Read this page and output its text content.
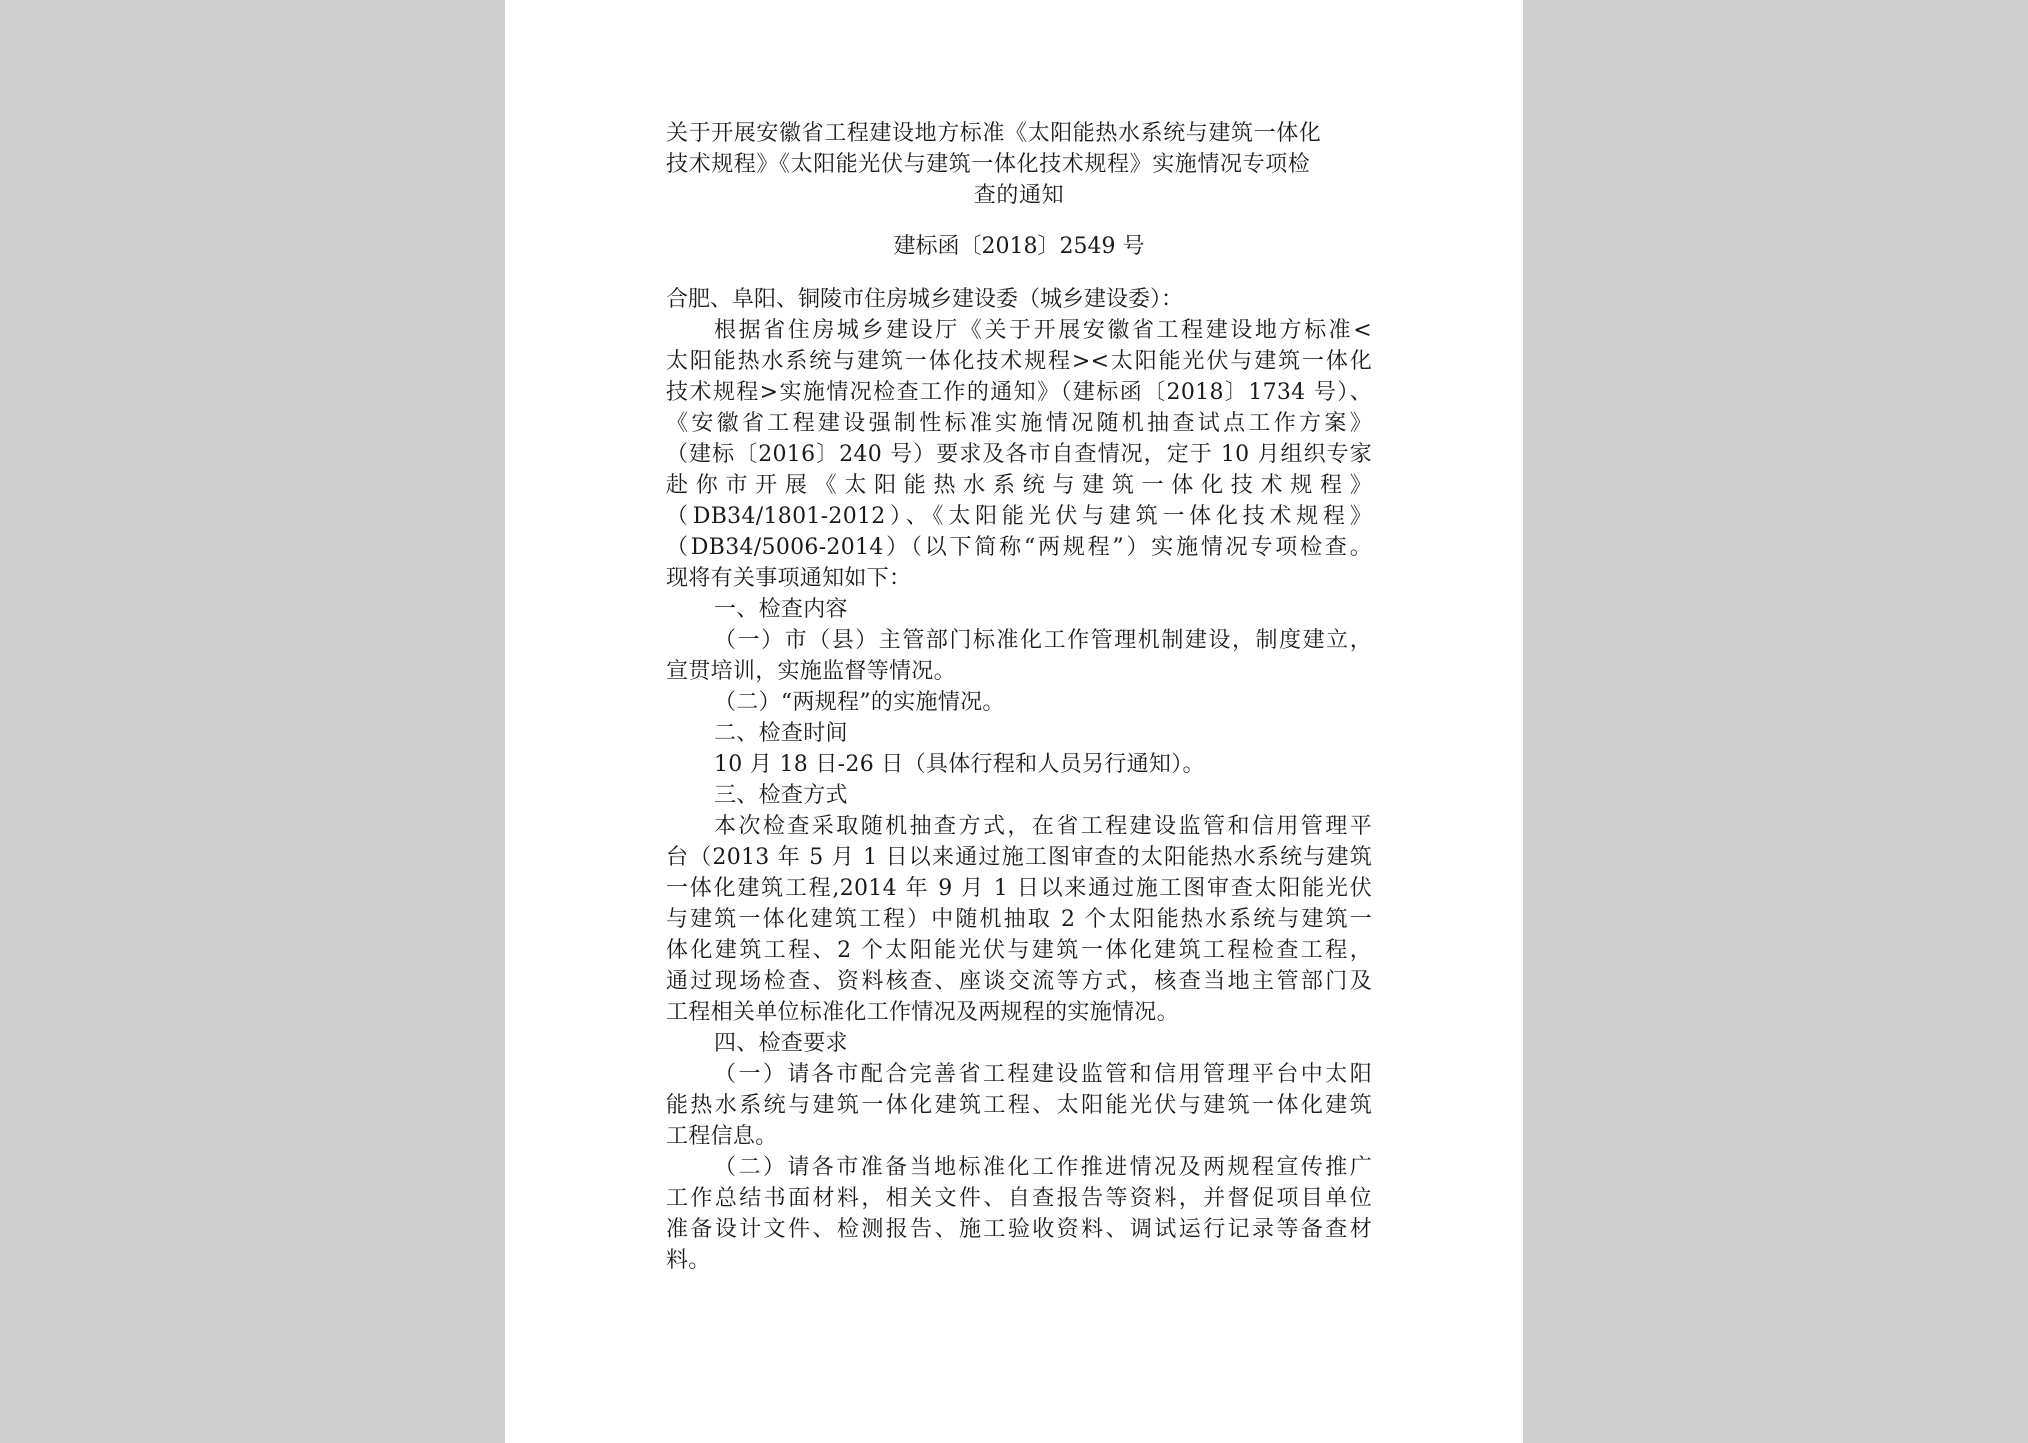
关于开展安徽省工程建设地方标准《太阳能热水系统与建筑一体化
技术规程》《太阳能光伏与建筑一体化技术规程》实施情况专项检
查的通知
建标函〔2018〕2549 号

合肥、阜阳、铜陵市住房城乡建设委（城乡建设委）：

根据省住房城乡建设厅《关于开展安徽省工程建设地方标准<
太阳能热水系统与建筑一体化技术规程><太阳能光伏与建筑一体化
技术规程>实施情况检查工作的通知》（建标函〔2018〕1734 号）、
《安徽省工程建设强制性标准实施情况随机抽查试点工作方案》
（建标〔2016〕240 号）要求及各市自查情况，定于 10 月组织专家
赴你市开展《太阳能热水系统与建筑一体化技术规程》
（DB34/1801-2012）、《太阳能光伏与建筑一体化技术规程》
（DB34/5006-2014）（以下简称“两规程”）实施情况专项检查。
现将有关事项通知如下：
一、检查内容
（一）市（县）主管部门标准化工作管理机制建设，制度建立，
宣贯培训，实施监督等情况。
（二）“两规程”的实施情况。
二、检查时间
10 月 18 日-26 日（具体行程和人员另行通知）。
三、检查方式
本次检查采取随机抽查方式，在省工程建设监管和信用管理平
台（2013 年 5 月 1 日以来通过施工图审查的太阳能热水系统与建筑
一体化建筑工程,2014 年 9 月 1 日以来通过施工图审查太阳能光伏
与建筑一体化建筑工程）中随机抽取 2 个太阳能热水系统与建筑一
体化建筑工程、2 个太阳能光伏与建筑一体化建筑工程检查工程，
通过现场检查、资料核查、座谈交流等方式，核查当地主管部门及
工程相关单位标准化工作情况及两规程的实施情况。
四、检查要求
（一）请各市配合完善省工程建设监管和信用管理平台中太阳
能热水系统与建筑一体化建筑工程、太阳能光伏与建筑一体化建筑
工程信息。
（二）请各市准备当地标准化工作推进情况及两规程宣传推广
工作总结书面材料，相关文件、自查报告等资料，并督促项目单位
准备设计文件、检测报告、施工验收资料、调试运行记录等备查材
料。
